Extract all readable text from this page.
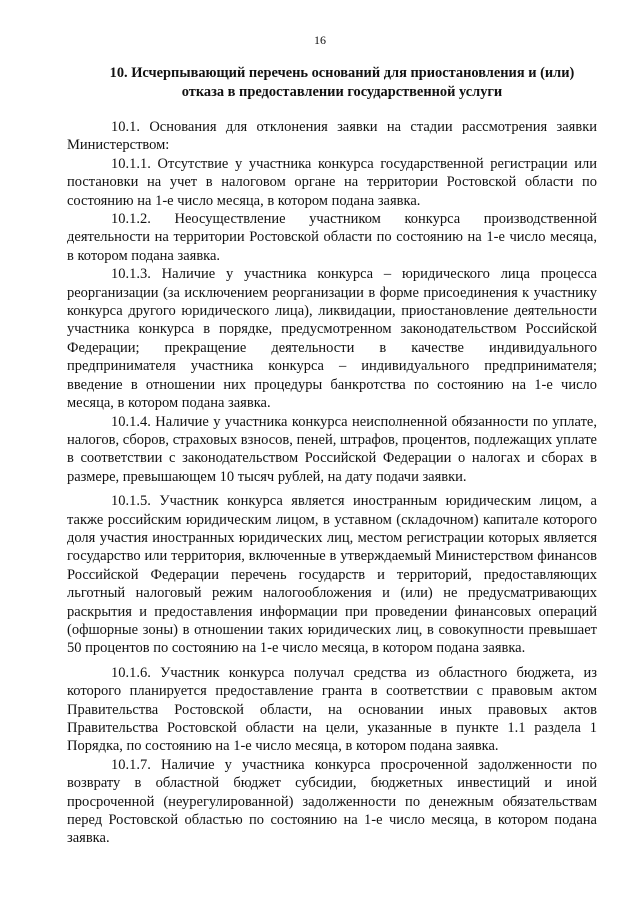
16
10. Исчерпывающий перечень оснований для приостановления и (или)
отказа в предоставлении государственной услуги

10.1. Основания для отклонения заявки на стадии рассмотрения заявки Министерством:

10.1.1. Отсутствие у участника конкурса государственной регистрации или постановки на учет в налоговом органе на территории Ростовской области по состоянию на 1-е число месяца, в котором подана заявка.

10.1.2. Неосуществление участником конкурса производственной деятельности на территории Ростовской области по состоянию на 1-е число месяца, в котором подана заявка.

10.1.3. Наличие у участника конкурса – юридического лица процесса реорганизации (за исключением реорганизации в форме присоединения к участнику конкурса другого юридического лица), ликвидации, приостановление деятельности участника конкурса в порядке, предусмотренном законодательством Российской Федерации; прекращение деятельности в качестве индивидуального предпринимателя участника конкурса – индивидуального предпринимателя; введение в отношении них процедуры банкротства по состоянию на 1-е число месяца, в котором подана заявка.

10.1.4. Наличие у участника конкурса неисполненной обязанности по уплате, налогов, сборов, страховых взносов, пеней, штрафов, процентов, подлежащих уплате в соответствии с законодательством Российской Федерации о налогах и сборах в размере, превышающем 10 тысяч рублей, на дату подачи заявки.

10.1.5. Участник конкурса является иностранным юридическим лицом, а также российским юридическим лицом, в уставном (складочном) капитале которого доля участия иностранных юридических лиц, местом регистрации которых является государство или территория, включенные в утверждаемый Министерством финансов Российской Федерации перечень государств и территорий, предоставляющих льготный налоговый режим налогообложения и (или) не предусматривающих раскрытия и предоставления информации при проведении финансовых операций (офшорные зоны) в отношении таких юридических лиц, в совокупности превышает 50 процентов по состоянию на 1-е число месяца, в котором подана заявка.

10.1.6. Участник конкурса получал средства из областного бюджета, из которого планируется предоставление гранта в соответствии с правовым актом Правительства Ростовской области, на основании иных правовых актов Правительства Ростовской области на цели, указанные в пункте 1.1 раздела 1 Порядка, по состоянию на 1-е число месяца, в котором подана заявка.

10.1.7. Наличие у участника конкурса просроченной задолженности по возврату в областной бюджет субсидии, бюджетных инвестиций и иной просроченной (неурегулированной) задолженности по денежным обязательствам перед Ростовской областью по состоянию на 1-е число месяца, в котором подана заявка.
